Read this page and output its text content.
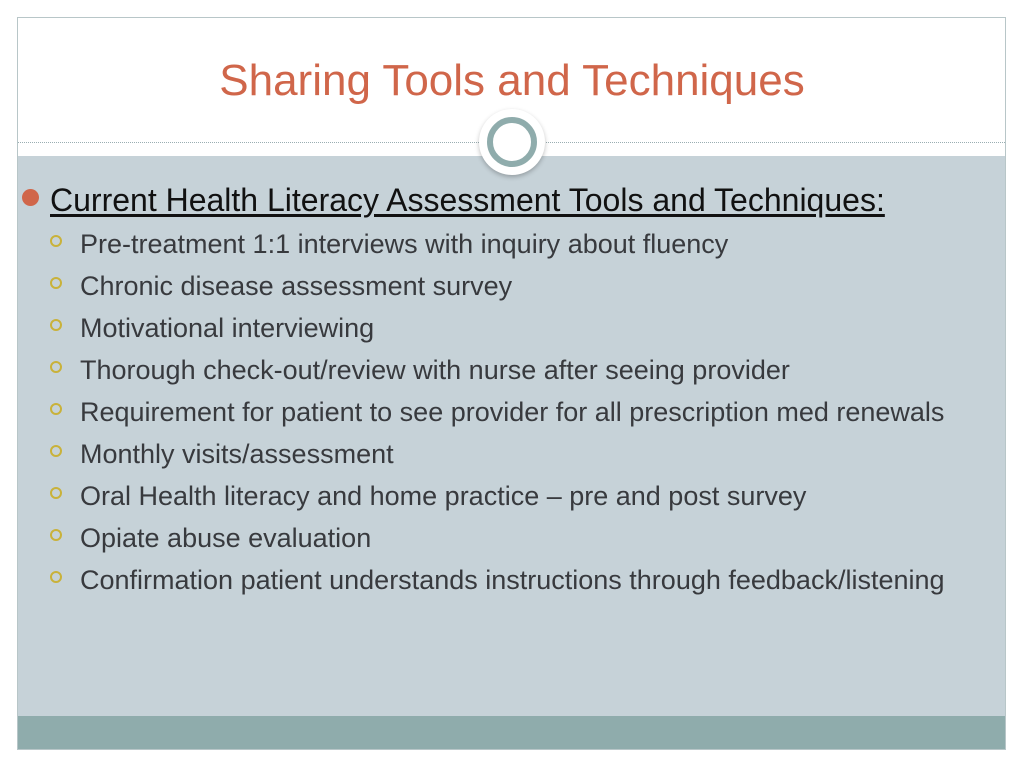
Sharing Tools and Techniques
Current Health Literacy Assessment Tools and Techniques:
Pre-treatment 1:1 interviews with inquiry about fluency
Chronic disease assessment survey
Motivational interviewing
Thorough check-out/review with nurse after seeing provider
Requirement for patient to see provider for all prescription med renewals
Monthly visits/assessment
Oral Health literacy and home practice – pre and post survey
Opiate abuse evaluation
Confirmation patient understands instructions through feedback/listening
